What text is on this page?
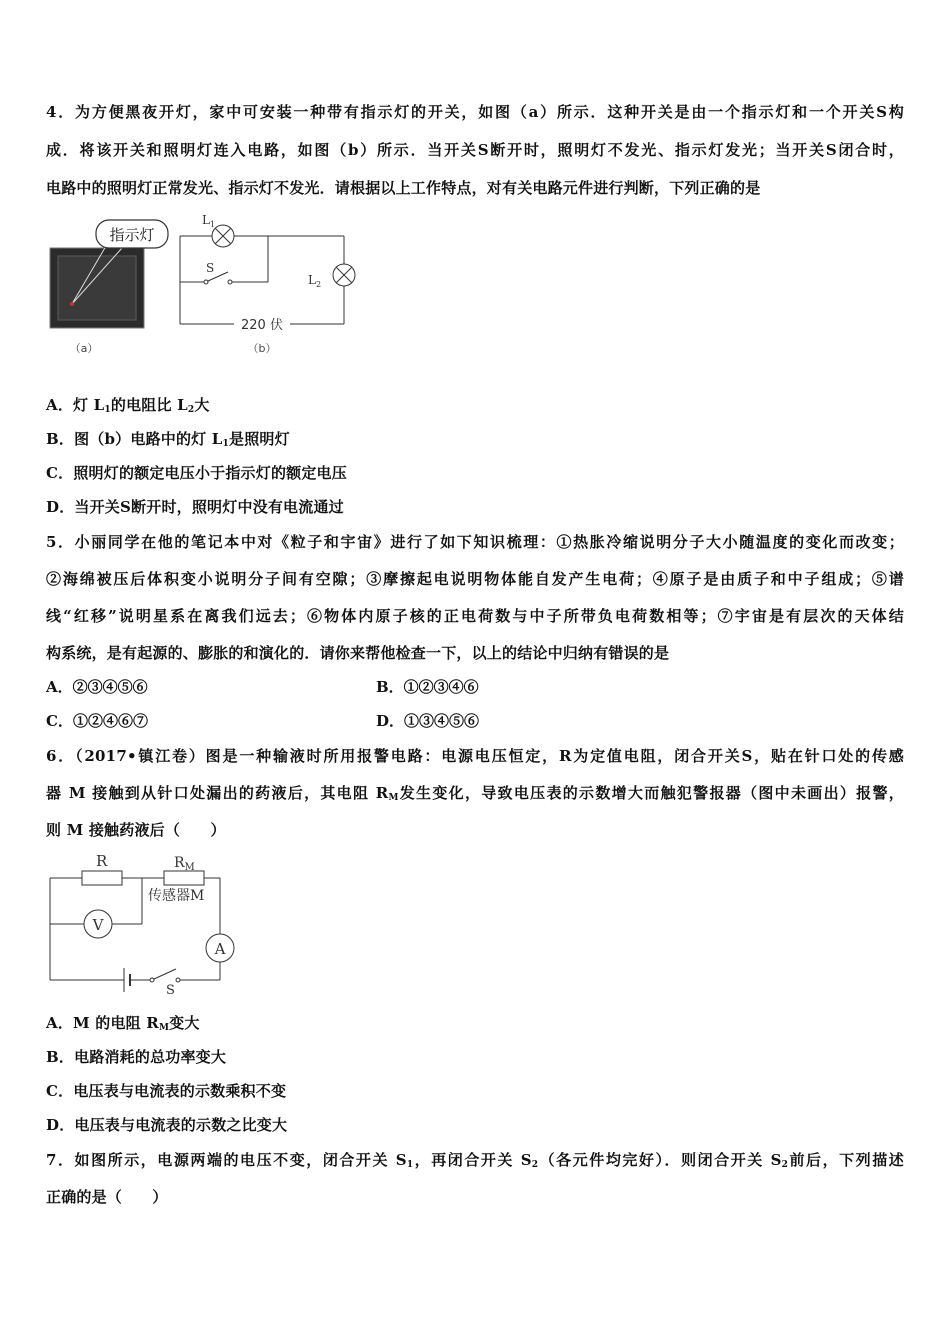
4．为方便黑夜开灯，家中可安装一种带有指示灯的开关，如图（a）所示．这种开关是由一个指示灯和一个开关S构
成．将该开关和照明灯连入电路，如图（b）所示．当开关S断开时，照明灯不发光、指示灯发光；当开关S闭合时，
电路中的照明灯正常发光、指示灯不发光．请根据以上工作特点，对有关电路元件进行判断，下列正确的是
指示灯
$L_1$
S
$L_2$
220 伏
（a）	（b）
A．灯 $L_1$的电阻比 $L_2$大
B．图（b）电路中的灯 $L_1$是照明灯
C．照明灯的额定电压小于指示灯的额定电压
D．当开关S断开时，照明灯中没有电流通过
5．小丽同学在他的笔记本中对《粒子和宇宙》进行了如下知识梳理：①热胀冷缩说明分子大小随温度的变化而改变；
②海绵被压后体积变小说明分子间有空隙；③摩擦起电说明物体能自发产生电荷；④原子是由质子和中子组成；⑤谱
线“红移”说明星系在离我们远去；⑥物体内原子核的正电荷数与中子所带负电荷数相等；⑦宇宙是有层次的天体结
构系统，是有起源的、膨胀的和演化的．请你来帮他检查一下，以上的结论中归纳有错误的是
A．②③④⑤⑥	B．①②③④⑥
C．①②④⑥⑦	D．①③④⑤⑥
6．（2017•镇江卷）图是一种输液时所用报警电路：电源电压恒定，R为定值电阻，闭合开关S，贴在针口处的传感
器 M 接触到从针口处漏出的药液后，其电阻 $R_M$发生变化，导致电压表的示数增大而触犯警报器（图中未画出）报警，
则 M 接触药液后（　　）
A
V
R	$R_M$
传感器M
S
A．M 的电阻 $R_M$变大
B．电路消耗的总功率变大
C．电压表与电流表的示数乘积不变
D．电压表与电流表的示数之比变大
7．如图所示，电源两端的电压不变，闭合开关 $S_1$，再闭合开关 $S_2$（各元件均完好）．则闭合开关 $S_2$前后，下列描述
正确的是（　　）
